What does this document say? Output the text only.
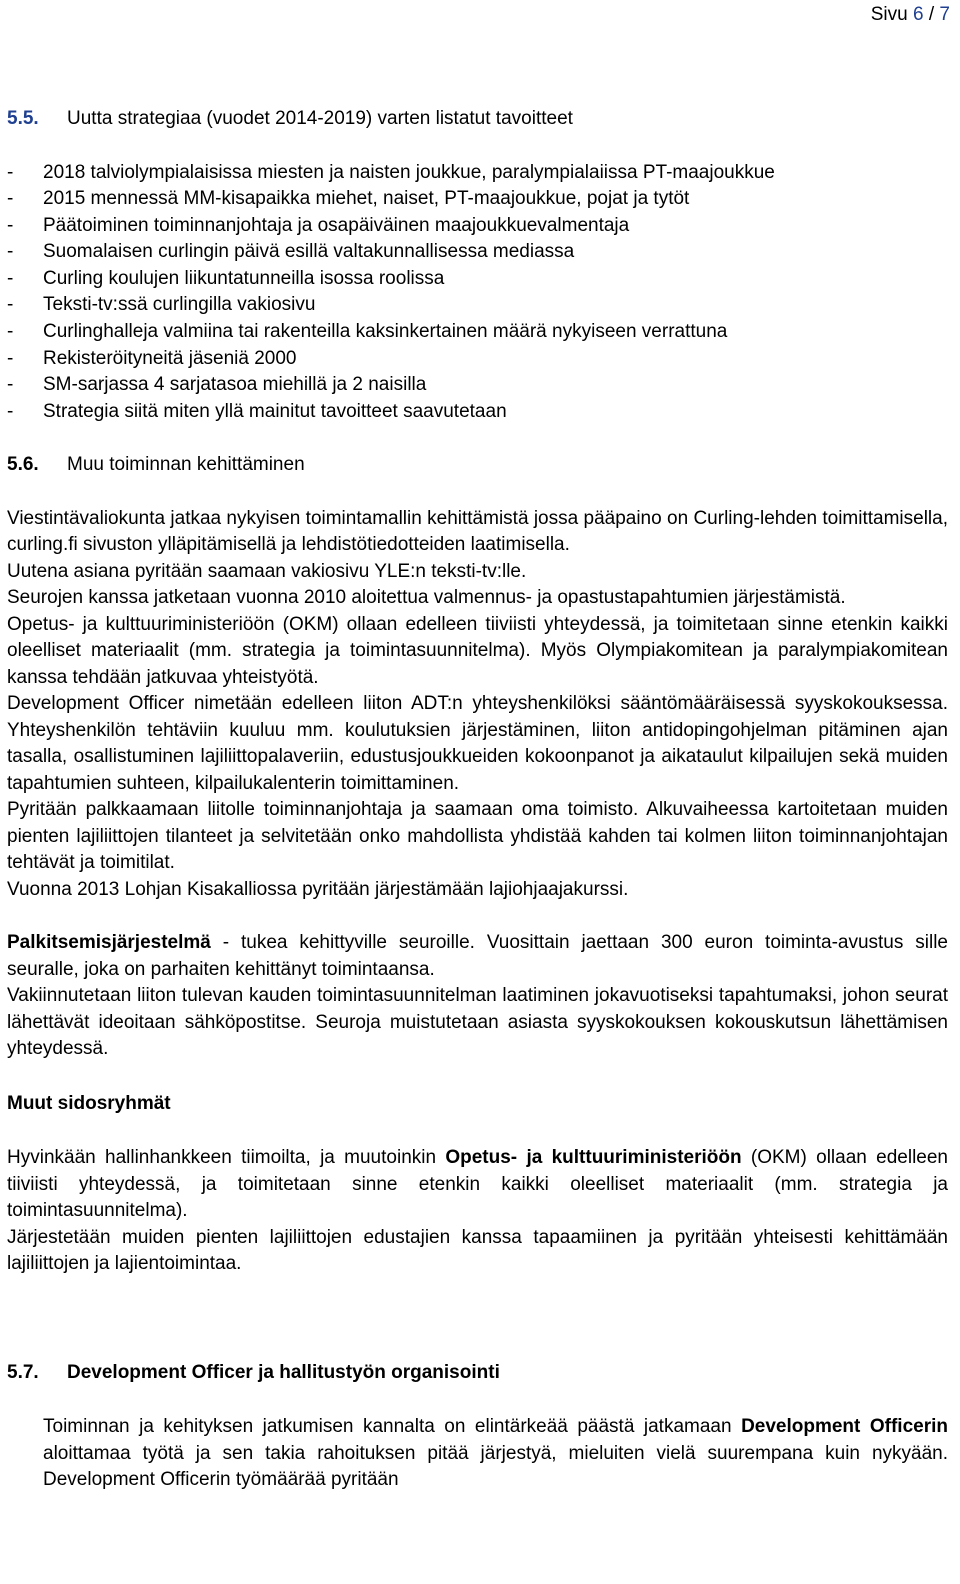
Sivu 6 / 7
5.5.	Uutta strategiaa (vuodet 2014-2019) varten listatut tavoitteet
-	2018 talviolympialaisissa miesten ja naisten joukkue, paralympialaiissa PT-maajoukkue
-	2015 mennessä MM-kisapaikka miehet, naiset, PT-maajoukkue, pojat ja tytöt
-	Päätoiminen toiminnanjohtaja ja osapäiväinen maajoukkuevalmentaja
-	Suomalaisen curlingin päivä esillä valtakunnallisessa mediassa
-	Curling koulujen liikuntatunneilla isossa roolissa
-	Teksti-tv:ssä curlingilla vakiosivu
-	Curlinghalleja valmiina tai rakenteilla kaksinkertainen määrä nykyiseen verrattuna
-	Rekisteröityneitä jäseniä 2000
-	SM-sarjassa 4 sarjatasoa miehillä ja 2 naisilla
-	Strategia siitä miten yllä mainitut tavoitteet saavutetaan
5.6.	Muu toiminnan kehittäminen

Viestintävaliokunta jatkaa nykyisen toimintamallin kehittämistä jossa pääpaino on Curling-lehden toimittamisella, curling.fi sivuston ylläpitämisellä ja lehdistötiedotteiden laatimisella.

Uutena asiana pyritään saamaan vakiosivu YLE:n teksti-tv:lle.

Seurojen kanssa jatketaan vuonna 2010 aloitettua valmennus- ja opastustapahtumien järjestämistä.

Opetus- ja kulttuuriministeriöön (OKM) ollaan edelleen tiiviisti yhteydessä, ja toimitetaan sinne etenkin kaikki oleelliset materiaalit (mm. strategia ja toimintasuunnitelma). Myös Olympiakomitean ja paralympiakomitean kanssa tehdään jatkuvaa yhteistyötä.

Development Officer nimetään edelleen liiton ADT:n yhteyshenkilöksi sääntömääräisessä syyskokouksessa. Yhteyshenkilön tehtäviin kuuluu mm. koulutuksien järjestäminen, liiton antidopingohjelman pitäminen ajan tasalla, osallistuminen lajiliittopalaveriin, edustusjoukkueiden kokoonpanot ja aikataulut kilpailujen sekä muiden tapahtumien suhteen, kilpailukalenterin toimittaminen.

Pyritään palkkaamaan liitolle toiminnanjohtaja ja saamaan oma toimisto. Alkuvaiheessa kartoitetaan muiden pienten lajiliittojen tilanteet ja selvitetään onko mahdollista yhdistää kahden tai kolmen liiton toiminnanjohtajan tehtävät ja toimitilat.

Vuonna 2013 Lohjan Kisakalliossa pyritään järjestämään lajiohjaajakurssi.

Palkitsemisjärjestelmä - tukea kehittyville seuroille. Vuosittain jaettaan 300 euron toiminta-avustus sille seuralle, joka on parhaiten kehittänyt toimintaansa.

Vakiinnutetaan liiton tulevan kauden toimintasuunnitelman laatiminen jokavuotiseksi tapahtumaksi, johon seurat lähettävät ideoitaan sähköpostitse. Seuroja muistutetaan asiasta syyskokouksen kokouskutsun lähettämisen yhteydessä.

Muut sidosryhmät

Hyvinkään hallinhankkeen tiimoilta, ja muutoinkin Opetus- ja kulttuuriministeriöön (OKM) ollaan edelleen tiiviisti yhteydessä, ja toimitetaan sinne etenkin kaikki oleelliset materiaalit (mm. strategia ja toimintasuunnitelma).

Järjestetään muiden pienten lajiliittojen edustajien kanssa tapaamiinen ja pyritään yhteisesti kehittämään lajiliittojen ja lajientoimintaa.

5.7.	Development Officer ja hallitustyön organisointi

Toiminnan ja kehityksen jatkumisen kannalta on elintärkeää päästä jatkamaan Development Officerin aloittamaa työtä ja sen takia rahoituksen pitää järjestyä, mieluiten vielä suurempana kuin nykyään. Development Officerin työmäärää pyritään
